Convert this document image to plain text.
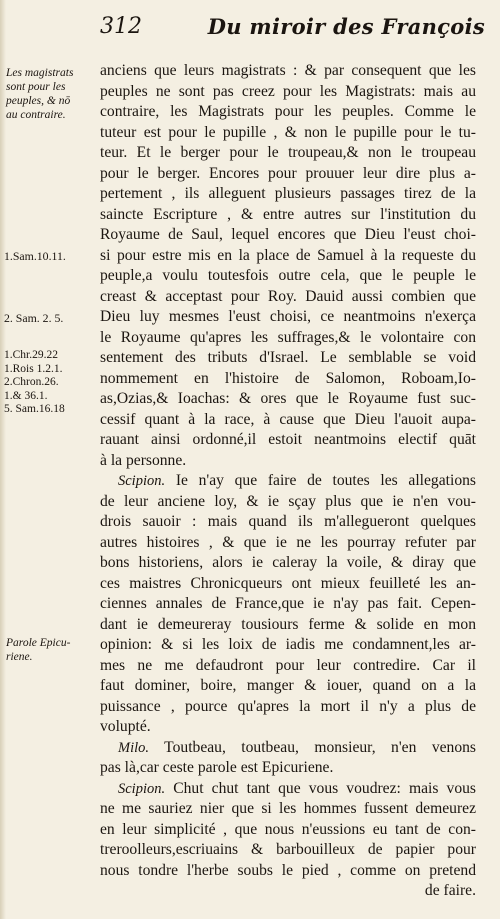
312	Du miroir des François
Les magistrats
sont pour les
peuples, & nō
au contraire.
1.Sam.10.11.
2. Sam. 2. 5.
1.Chr.29.22
1.Rois 1.2.1.
2.Chron.26.
1.& 36.1.
5. Sam.16.18
Parole Epicu-
riene.
anciens que leurs magistrats : & par consequent que les
peuples ne sont pas creez pour les Magistrats: mais au
contraire, les Magistrats pour les peuples. Comme le
tuteur est pour le pupille , & non le pupille pour le tu-
teur. Et le berger pour le troupeau,& non le troupeau
pour le berger. Encores pour prouuer leur dire plus a-
pertement , ils alleguent plusieurs passages tirez de la
saincte Escripture , & entre autres sur l'institution du
Royaume de Saul, lequel encores que Dieu l'eust choi-
si pour estre mis en la place de Samuel à la requeste du
peuple,a voulu toutesfois outre cela, que le peuple le
creast & acceptast pour Roy. Dauid aussi combien que
Dieu luy mesmes l'eust choisi, ce neantmoins n'exerça
le Royaume qu'apres les suffrages,& le volontaire con
sentement des tributs d'Israel. Le semblable se void
nommement en l'histoire de Salomon, Roboam,Io-
as,Ozias,& Ioachas: & ores que le Royaume fust suc-
cessif quant à la race, à cause que Dieu l'auoit aupa-
rauant ainsi ordonné,il estoit neantmoins electif quāt
à la personne.
Scipion. Ie n'ay que faire de toutes les allegations
de leur anciene loy, & ie sçay plus que ie n'en vou-
drois sauoir : mais quand ils m'allegueront quelques
autres histoires , & que ie ne les pourray refuter par
bons historiens, alors ie caleray la voile, & diray que
ces maistres Chronicqueurs ont mieux feuilleté les an-
ciennes annales de France,que ie n'ay pas fait. Cepen-
dant ie demeureray tousiours ferme & solide en mon
opinion: & si les loix de iadis me condamnent,les ar-
mes ne me defaudront pour leur contredire. Car il
faut dominer, boire, manger & iouer, quand on a la
puissance , pource qu'apres la mort il n'y a plus de
volupté.
Milo. Toutbeau, toutbeau, monsieur, n'en venons
pas là,car ceste parole est Epicuriene.
Scipion. Chut chut tant que vous voudrez: mais vous
ne me sauriez nier que si les hommes fussent demeurez
en leur simplicité , que nous n'eussions eu tant de con-
treroolleurs,escriuains & barbouilleux de papier pour
nous tondre l'herbe soubs le pied , comme on pretend
de faire.
